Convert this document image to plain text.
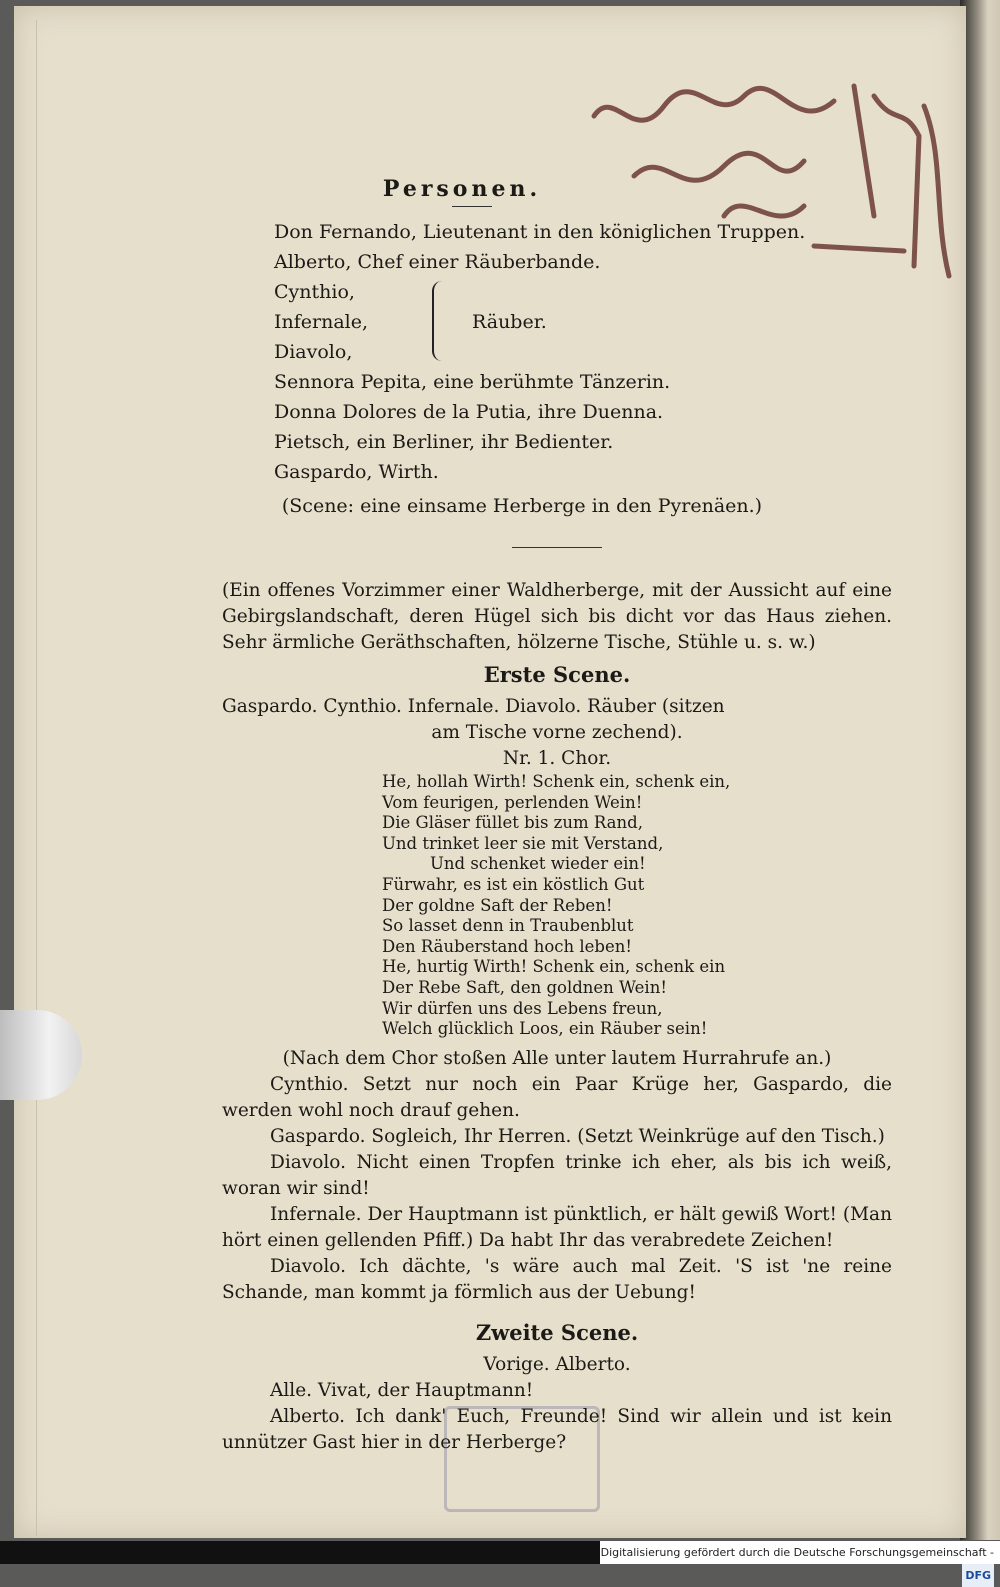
Personen.
Don Fernando, Lieutenant in den königlichen Truppen.
Alberto, Chef einer Räuberbande.
Cynthio,
Infernale,
Diavolo,
Räuber.
Sennora Pepita, eine berühmte Tänzerin.
Donna Dolores de la Putia, ihre Duenna.
Pietsch, ein Berliner, ihr Bedienter.
Gaspardo, Wirth.
(Scene: eine einsame Herberge in den Pyrenäen.)
(Ein offenes Vorzimmer einer Waldherberge, mit der Aussicht auf eine Gebirgslandschaft, deren Hügel sich bis dicht vor das Haus ziehen. Sehr ärmliche Geräthschaften, hölzerne Tische, Stühle u. s. w.)
Erste Scene.
Gaspardo. Cynthio. Infernale. Diavolo. Räuber (sitzen
am Tische vorne zechend).
Nr. 1. Chor.
He, hollah Wirth! Schenk ein, schenk ein,
Vom feurigen, perlenden Wein!
Die Gläser füllet bis zum Rand,
Und trinket leer sie mit Verstand,
Und schenket wieder ein!
Fürwahr, es ist ein köstlich Gut
Der goldne Saft der Reben!
So lasset denn in Traubenblut
Den Räuberstand hoch leben!
He, hurtig Wirth! Schenk ein, schenk ein
Der Rebe Saft, den goldnen Wein!
Wir dürfen uns des Lebens freun,
Welch glücklich Loos, ein Räuber sein!
(Nach dem Chor stoßen Alle unter lautem Hurrahrufe an.)
Cynthio. Setzt nur noch ein Paar Krüge her, Gaspardo, die werden wohl noch drauf gehen.
Gaspardo. Sogleich, Ihr Herren. (Setzt Weinkrüge auf den Tisch.)
Diavolo. Nicht einen Tropfen trinke ich eher, als bis ich weiß, woran wir sind!
Infernale. Der Hauptmann ist pünktlich, er hält gewiß Wort! (Man hört einen gellenden Pfiff.) Da habt Ihr das verabredete Zeichen!
Diavolo. Ich dächte, 's wäre auch mal Zeit. 'S ist 'ne reine Schande, man kommt ja förmlich aus der Uebung!
Zweite Scene.
Vorige. Alberto.
Alle. Vivat, der Hauptmann!
Alberto. Ich dank' Euch, Freunde! Sind wir allein und ist kein unnützer Gast hier in der Herberge?
Digitalisierung gefördert durch die Deutsche Forschungsgemeinschaft - DFG
